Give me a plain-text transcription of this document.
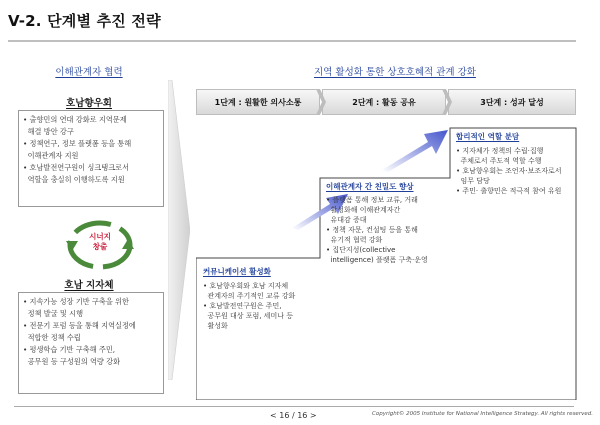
V-2. 단계별 추진 전략
이해관계자 협력
호남향우회

• 출향민의 연대 강화로 지역문제

해결 방안 강구

• 정책연구, 정보 플랫폼 등을 통해

이해관계자 지원

• 호남발전연구원이 싱크탱크로서

역할을 충실히 이행하도록 지원

시너지
창출
호남 지자체

• 지속가능 성장 기반 구축을 위한

정책 발굴 및 시행

• 전문기 포럼 등을 통해 지역실정에

적합한 정책 수립

• 평생학습 기반 구축해 주민,

공무원 등 구성원의 역량 강화

지역 활성화 통한 상호호혜적 관계 강화
1단계 : 원활한 의사소통	2단계 : 활동 공유	3단계 : 성과 달성
커뮤니케이션 활성화
• 호남향우회와 호남 지자체
관계자의 주기적인 교류 강화
• 호남발전연구원은 주민,
공무원 대상 포럼, 세미나 등
활성화
이해관계자 간 친밀도 향상
• 플랫폼 통해 정보 교류, 거래
활성화해 이해관계자간
유대감 증대
• 정책 자문, 컨설팅 등을 통해
유기적 협력 강화
• 집단지성(collective
intelligence) 플랫폼 구축·운영
합리적인 역할 분담
• 지자체가 정책의 수립·집행
주체로서 주도적 역할 수행
• 호남향우회는 조언자·보조자로서
임무 담당
• 주민· 출향민은 적극적 참여 유원
< 16 / 16 >	Copyright© 2005 Institute for National Intelligence Strategy. All rights reserved.
